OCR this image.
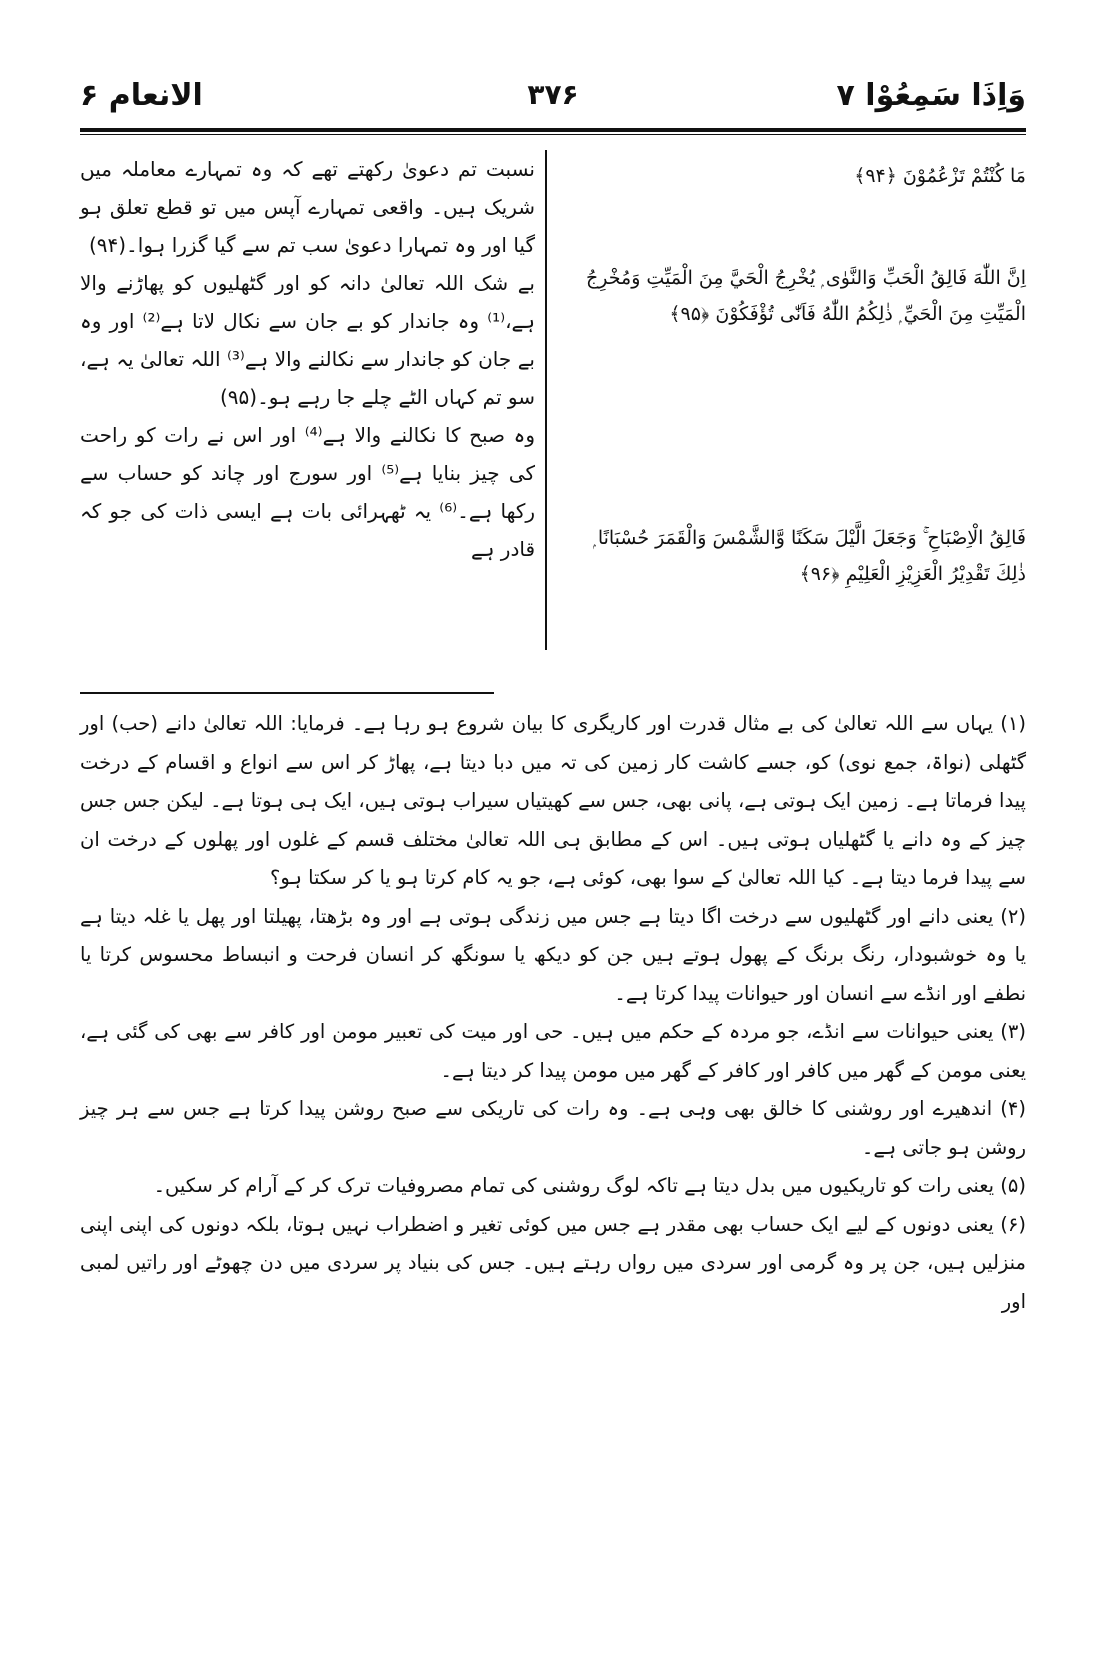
وَاِذَا سَمِعُوْا ۷
۳۷۶
الانعام ۶
مَا كُنْتُمْ تَزْعُمُوْنَ ﴿۹۴﴾
اِنَّ اللّٰهَ فَالِقُ الْحَبِّ وَالنَّوٰى ۭ يُخْرِجُ الْحَيَّ مِنَ الْمَيِّتِ وَمُخْرِجُ الْمَيِّتِ مِنَ الْحَيِّ ۭ ذٰلِكُمُ اللّٰهُ فَاَنّٰى تُؤْفَكُوْنَ ﴿۹۵﴾
فَالِقُ الْاِصْبَاحِ ۚ وَجَعَلَ الَّيْلَ سَكَنًا وَّالشَّمْسَ وَالْقَمَرَ حُسْبَانًا ۭ ذٰلِكَ تَقْدِيْرُ الْعَزِيْزِ الْعَلِيْمِ ﴿۹۶﴾

نسبت تم دعویٰ رکھتے تھے کہ وہ تمہارے معاملہ میں شریک ہیں۔ واقعی تمہارے آپس میں تو قطع تعلق ہو گیا اور وہ تمہارا دعویٰ سب تم سے گیا گزرا ہوا۔(۹۴)

بے شک اللہ تعالیٰ دانہ کو اور گٹھلیوں کو پھاڑنے والا ہے،⁽¹⁾ وہ جاندار کو بے جان سے نکال لاتا ہے⁽²⁾ اور وہ بے جان کو جاندار سے نکالنے والا ہے⁽³⁾ اللہ تعالیٰ یہ ہے، سو تم کہاں الٹے چلے جا رہے ہو۔(۹۵)

وہ صبح کا نکالنے والا ہے⁽⁴⁾ اور اس نے رات کو راحت کی چیز بنایا ہے⁽⁵⁾ اور سورج اور چاند کو حساب سے رکھا ہے۔⁽⁶⁾ یہ ٹھہرائی بات ہے ایسی ذات کی جو کہ قادر ہے

(۱) یہاں سے اللہ تعالیٰ کی بے مثال قدرت اور کاریگری کا بیان شروع ہو رہا ہے۔ فرمایا: اللہ تعالیٰ دانے (حب) اور گٹھلی (نواۃ، جمع نوی) کو، جسے کاشت کار زمین کی تہ میں دبا دیتا ہے، پھاڑ کر اس سے انواع و اقسام کے درخت پیدا فرماتا ہے۔ زمین ایک ہوتی ہے، پانی بھی، جس سے کھیتیاں سیراب ہوتی ہیں، ایک ہی ہوتا ہے۔ لیکن جس جس چیز کے وہ دانے یا گٹھلیاں ہوتی ہیں۔ اس کے مطابق ہی اللہ تعالیٰ مختلف قسم کے غلوں اور پھلوں کے درخت ان سے پیدا فرما دیتا ہے۔ کیا اللہ تعالیٰ کے سوا بھی، کوئی ہے، جو یہ کام کرتا ہو یا کر سکتا ہو؟

(۲) یعنی دانے اور گٹھلیوں سے درخت اگا دیتا ہے جس میں زندگی ہوتی ہے اور وہ بڑھتا، پھیلتا اور پھل یا غلہ دیتا ہے یا وہ خوشبودار، رنگ برنگ کے پھول ہوتے ہیں جن کو دیکھ یا سونگھ کر انسان فرحت و انبساط محسوس کرتا یا نطفے اور انڈے سے انسان اور حیوانات پیدا کرتا ہے۔

(۳) یعنی حیوانات سے انڈے، جو مردہ کے حکم میں ہیں۔ حی اور میت کی تعبیر مومن اور کافر سے بھی کی گئی ہے، یعنی مومن کے گھر میں کافر اور کافر کے گھر میں مومن پیدا کر دیتا ہے۔

(۴) اندھیرے اور روشنی کا خالق بھی وہی ہے۔ وہ رات کی تاریکی سے صبح روشن پیدا کرتا ہے جس سے ہر چیز روشن ہو جاتی ہے۔

(۵) یعنی رات کو تاریکیوں میں بدل دیتا ہے تاکہ لوگ روشنی کی تمام مصروفیات ترک کر کے آرام کر سکیں۔

(۶) یعنی دونوں کے لیے ایک حساب بھی مقدر ہے جس میں کوئی تغیر و اضطراب نہیں ہوتا، بلکہ دونوں کی اپنی اپنی منزلیں ہیں، جن پر وہ گرمی اور سردی میں رواں رہتے ہیں۔ جس کی بنیاد پر سردی میں دن چھوٹے اور راتیں لمبی اور
